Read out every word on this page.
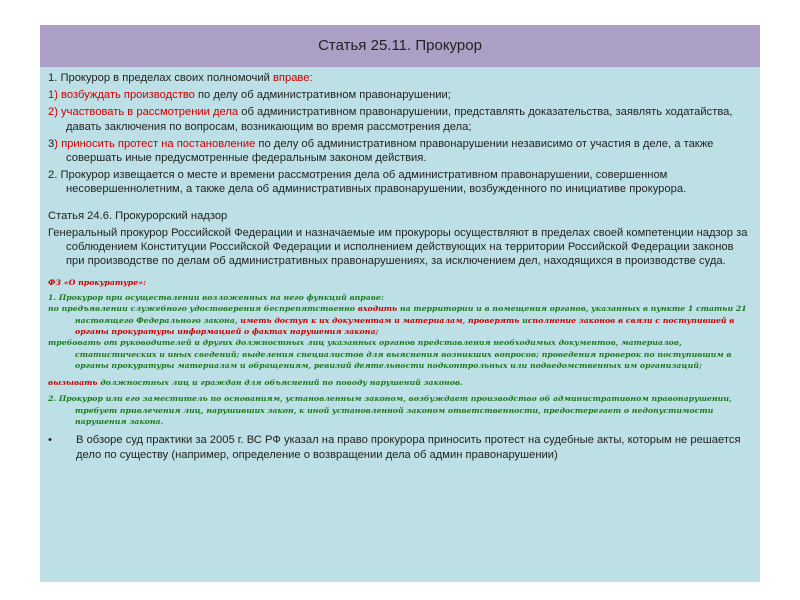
Статья 25.11. Прокурор
1. Прокурор в пределах своих полномочий вправе:
1) возбуждать производство по делу об административном правонарушении;
2) участвовать в рассмотрении дела об административном правонарушении, представлять доказательства, заявлять ходатайства, давать заключения по вопросам, возникающим во время рассмотрения дела;
3) приносить протест на постановление по делу об административном правонарушении независимо от участия в деле, а также совершать иные предусмотренные федеральным законом действия.
2. Прокурор извещается о месте и времени рассмотрения дела об административном правонарушении, совершенном несовершеннолетним, а также дела об административных правонарушении, возбужденного по инициативе прокурора.
Статья 24.6. Прокурорский надзор
Генеральный прокурор Российской Федерации и назначаемые им прокуроры осуществляют в пределах своей компетенции надзор за соблюдением Конституции Российской Федерации и исполнением действующих на территории Российской Федерации законов при производстве по делам об административных правонарушениях, за исключением дел, находящихся в производстве суда.
ФЗ «О прокуратуре»:
1. Прокурор при осуществлении возложенных на него функций вправе:
по предъявлении служебного удостоверения беспрепятственно входить на территории и в помещения органов, указанных в пункте 1 статьи 21 настоящего Федерального закона, иметь доступ к их документам и материалам, проверять исполнение законов в связи с поступившей в органы прокуратуры информацией о фактах нарушения закона;
требовать от руководителей и других должностных лиц указанных органов представления необходимых документов, материалов, статистических и иных сведений; выделения специалистов для выяснения возникших вопросов; проведения проверок по поступившим в органы прокуратуры материалам и обращениям, ревизий деятельности подконтрольных или подведомственных им организаций;
вызывать должностных лиц и граждан для объяснений по поводу нарушений законов.
2. Прокурор или его заместитель по основаниям, установленным законом, возбуждает производство об административном правонарушении, требует привлечения лиц, нарушивших закон, к иной установленной законом ответственности, предостерегает о недопустимости нарушения закона.
• В обзоре суд практики за 2005 г. ВС РФ указал на право прокурора приносить протест на судебные акты, которым не решается дело по существу (например, определение о возвращении дела об админ правонарушении)
